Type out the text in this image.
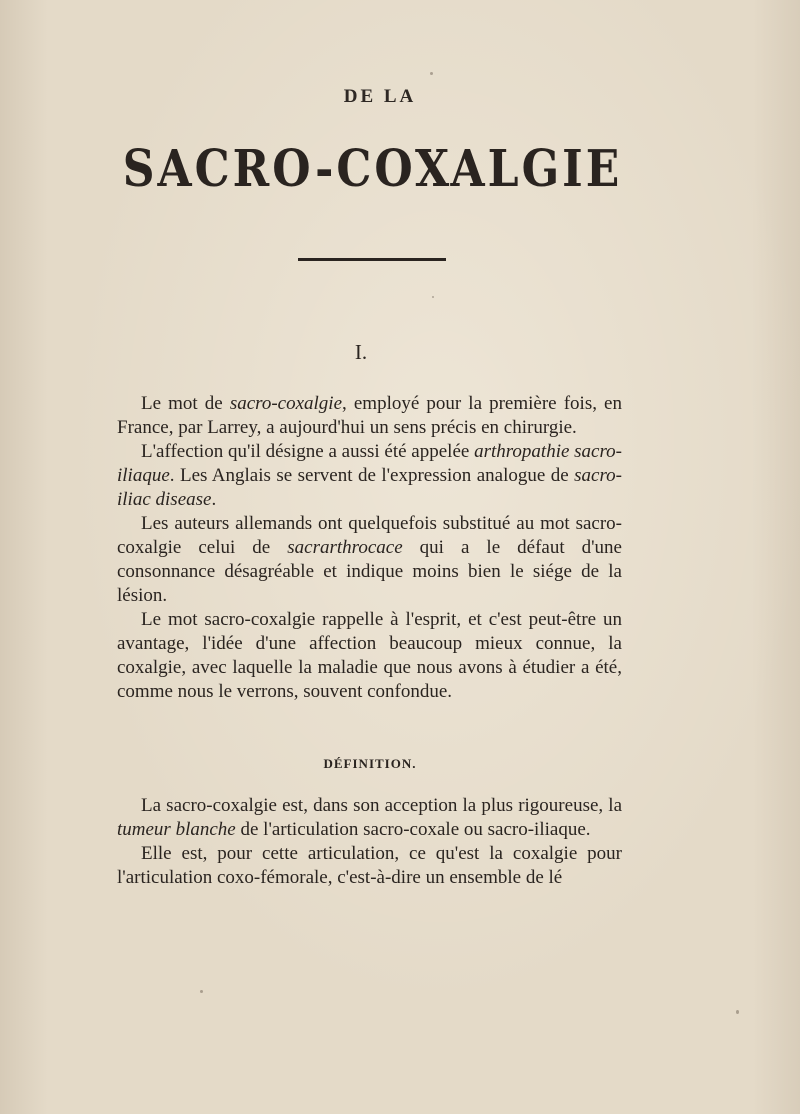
DE LA
SACRO-COXALGIE
I.

Le mot de sacro-coxalgie, employé pour la première fois, en France, par Larrey, a aujourd'hui un sens précis en chirurgie.

L'affection qu'il désigne a aussi été appelée arthropathie sacro-iliaque. Les Anglais se servent de l'expression analogue de sacro-iliac disease.

Les auteurs allemands ont quelquefois substitué au mot sacro-coxalgie celui de sacrarthrocace qui a le défaut d'une consonnance désagréable et indique moins bien le siége de la lésion.

Le mot sacro-coxalgie rappelle à l'esprit, et c'est peut-être un avantage, l'idée d'une affection beaucoup mieux connue, la coxalgie, avec laquelle la maladie que nous avons à étudier a été, comme nous le verrons, souvent confondue.

DÉFINITION.

La sacro-coxalgie est, dans son acception la plus rigoureuse, la tumeur blanche de l'articulation sacro-coxale ou sacro-iliaque.

Elle est, pour cette articulation, ce qu'est la coxalgie pour l'articulation coxo-fémorale, c'est-à-dire un ensemble de lé
